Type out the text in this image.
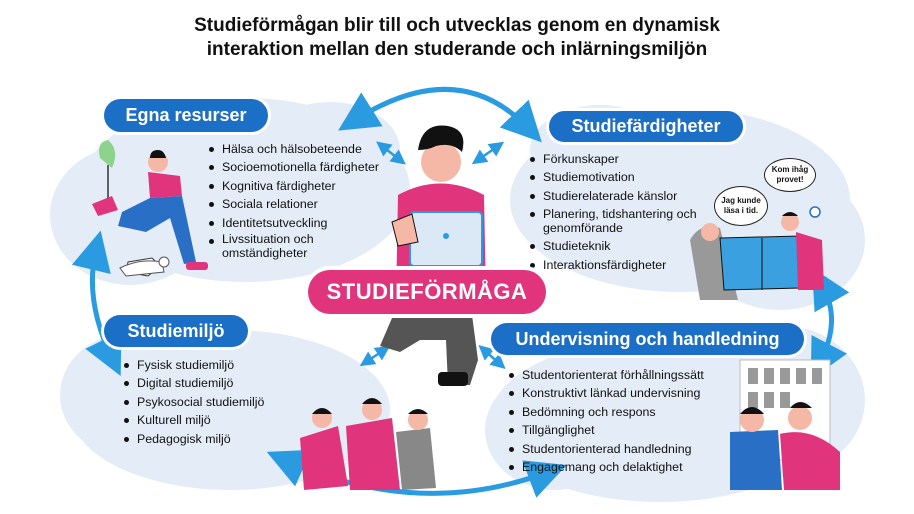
Studieförmågan blir till och utvecklas genom en dynamisk
interaktion mellan den studerande och inlärningsmiljön
Egna resurser
Hälsa och hälsobeteende
Socioemotionella färdigheter
Kognitiva färdigheter
Sociala relationer
Identitetsutveckling
Livssituation och omständigheter
Studiefärdigheter
Förkunskaper
Studiemotivation
Studierelaterade känslor
Planering, tidshantering och genomförande
Studieteknik
Interaktionsfärdigheter
STUDIEFÖRMÅGA
Studiemiljö
Fysisk studiemiljö
Digital studiemiljö
Psykosocial studiemiljö
Kulturell miljö
Pedagogisk miljö
Undervisning och handledning
Studentorienterat förhållningssätt
Konstruktivt länkad undervisning
Bedömning och respons
Tillgänglighet
Studentorienterad handledning
Engagemang och delaktighet
Jag kunde läsa i tid.
Kom ihåg provet!
